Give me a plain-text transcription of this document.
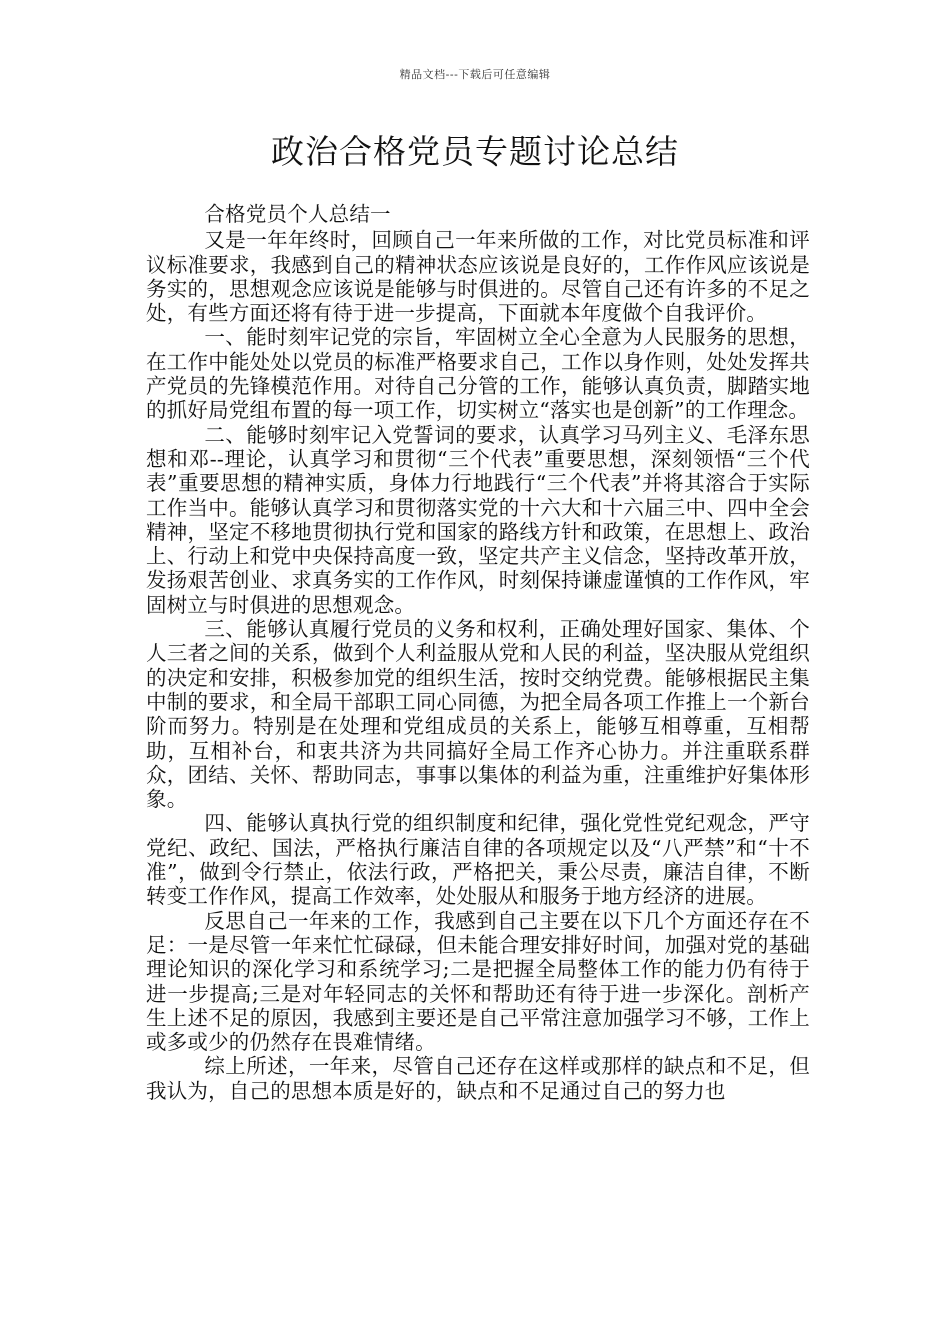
精品文档---下载后可任意编辑
政治合格党员专题讨论总结

合格党员个人总结一

又是一年年终时，回顾自己一年来所做的工作，对比党员标准和评议标准要求，我感到自己的精神状态应该说是良好的，工作作风应该说是务实的，思想观念应该说是能够与时俱进的。尽管自己还有许多的不足之处，有些方面还将有待于进一步提高，下面就本年度做个自我评价。

一、能时刻牢记党的宗旨，牢固树立全心全意为人民服务的思想，在工作中能处处以党员的标准严格要求自己，工作以身作则，处处发挥共产党员的先锋模范作用。对待自己分管的工作，能够认真负责，脚踏实地的抓好局党组布置的每一项工作，切实树立“落实也是创新”的工作理念。

二、能够时刻牢记入党誓词的要求，认真学习马列主义、毛泽东思想和邓--理论，认真学习和贯彻“三个代表”重要思想，深刻领悟“三个代表”重要思想的精神实质，身体力行地践行“三个代表”并将其溶合于实际工作当中。能够认真学习和贯彻落实党的十六大和十六届三中、四中全会精神，坚定不移地贯彻执行党和国家的路线方针和政策，在思想上、政治上、行动上和党中央保持高度一致，坚定共产主义信念，坚持改革开放，发扬艰苦创业、求真务实的工作作风，时刻保持谦虚谨慎的工作作风，牢固树立与时俱进的思想观念。

三、能够认真履行党员的义务和权利，正确处理好国家、集体、个人三者之间的关系，做到个人利益服从党和人民的利益，坚决服从党组织的决定和安排，积极参加党的组织生活，按时交纳党费。能够根据民主集中制的要求，和全局干部职工同心同德，为把全局各项工作推上一个新台阶而努力。特别是在处理和党组成员的关系上，能够互相尊重，互相帮助，互相补台，和衷共济为共同搞好全局工作齐心协力。并注重联系群众，团结、关怀、帮助同志，事事以集体的利益为重，注重维护好集体形象。

四、能够认真执行党的组织制度和纪律，强化党性党纪观念，严守党纪、政纪、国法，严格执行廉洁自律的各项规定以及“八严禁”和“十不准”，做到令行禁止，依法行政，严格把关，秉公尽责，廉洁自律，不断转变工作作风，提高工作效率，处处服从和服务于地方经济的进展。

反思自己一年来的工作，我感到自己主要在以下几个方面还存在不足：一是尽管一年来忙忙碌碌，但未能合理安排好时间，加强对党的基础理论知识的深化学习和系统学习;二是把握全局整体工作的能力仍有待于进一步提高;三是对年轻同志的关怀和帮助还有待于进一步深化。剖析产生上述不足的原因，我感到主要还是自己平常注意加强学习不够，工作上或多或少的仍然存在畏难情绪。

综上所述，一年来，尽管自己还存在这样或那样的缺点和不足，但我认为，自己的思想本质是好的，缺点和不足通过自己的努力也
